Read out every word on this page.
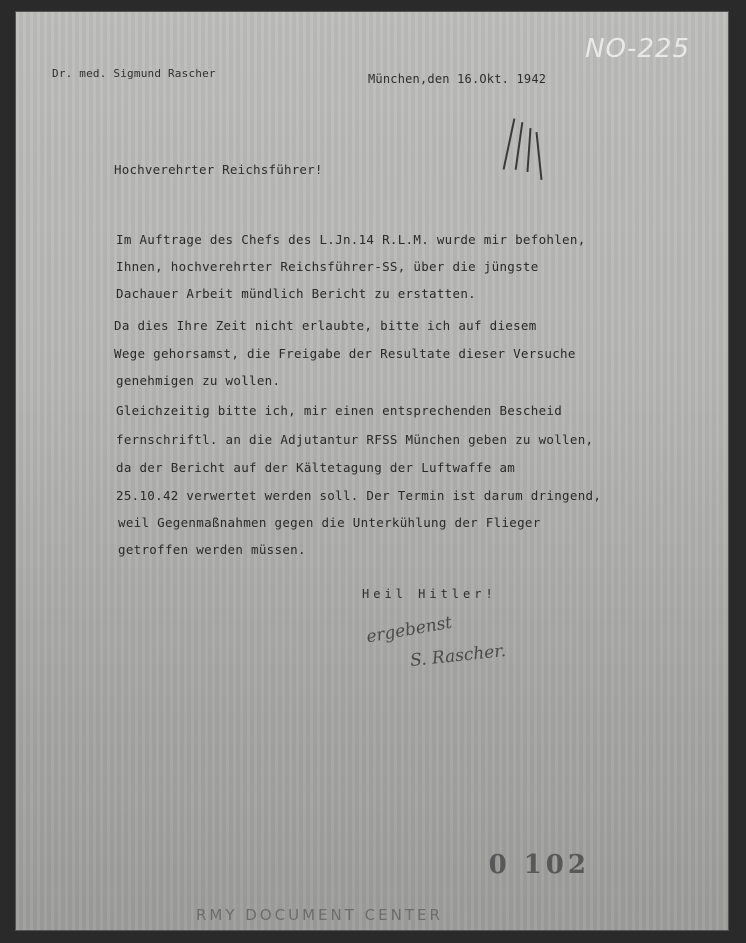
NO-225
Dr. med. Sigmund Rascher	München,den 16.Okt. 1942
Hochverehrter Reichsführer!
Im Auftrage des Chefs des L.Jn.14 R.L.M. wurde mir befohlen,
Ihnen, hochverehrter Reichsführer-SS, über die jüngste
Dachauer Arbeit mündlich Bericht zu erstatten.
Da dies Ihre Zeit nicht erlaubte, bitte ich auf diesem
Wege gehorsamst, die Freigabe der Resultate dieser Versuche
genehmigen zu wollen.
Gleichzeitig bitte ich, mir einen entsprechenden Bescheid
fernschriftl. an die Adjutantur RFSS München geben zu wollen,
da der Bericht auf der Kältetagung der Luftwaffe am
25.10.42 verwertet werden soll. Der Termin ist darum dringend,
weil Gegenmaßnahmen gegen die Unterkühlung der Flieger
getroffen werden müssen.
Heil Hitler!
ergebenst
S. Rascher.
0 102
RMY DOCUMENT CENTER
